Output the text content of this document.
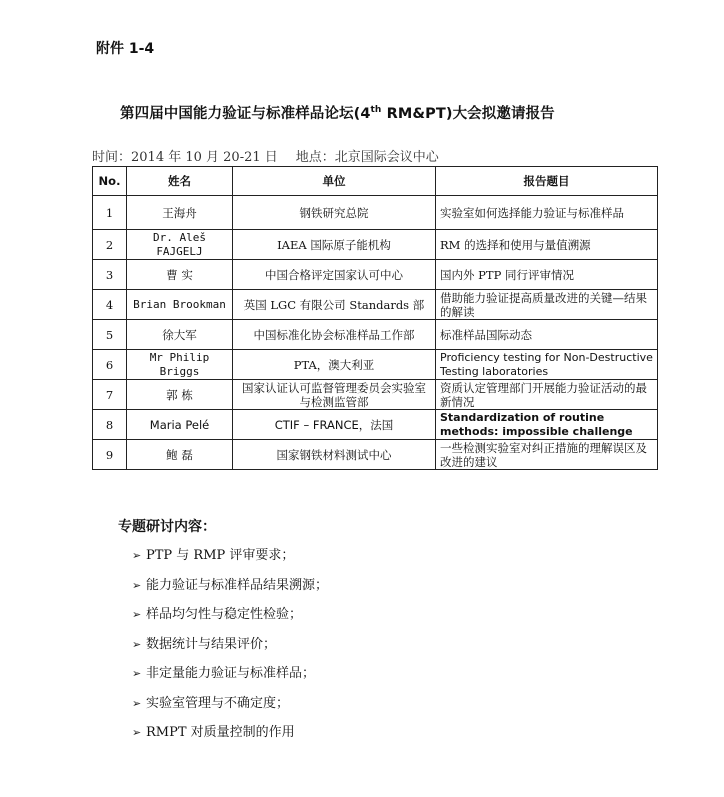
附件 1-4
第四届中国能力验证与标准样品论坛(4th RM&PT)大会拟邀请报告
时间：2014 年 10 月 20-21 日 地点：北京国际会议中心
No.	姓名	单位	报告题目
1	王海舟	钢铁研究总院	实验室如何选择能力验证与标准样品
2	Dr. Aleš FAJGELJ	IAEA 国际原子能机构	RM 的选择和使用与量值溯源
3	曹 实	中国合格评定国家认可中心	国内外 PTP 同行评审情况
4	Brian Brookman	英国 LGC 有限公司 Standards 部	借助能力验证提高质量改进的关键—结果的解读
5	徐大军	中国标准化协会标准样品工作部	标准样品国际动态
6	Mr Philip Briggs	PTA，澳大利亚	Proficiency testing for Non-Destructive Testing laboratories
7	郭 栋	国家认证认可监督管理委员会实验室与检测监管部	资质认定管理部门开展能力验证活动的最新情况
8	Maria Pelé	CTIF – FRANCE，法国	Standardization of routine methods: impossible challenge
9	鲍 磊	国家钢铁材料测试中心	一些检测实验室对纠正措施的理解误区及改进的建议
专题研讨内容：
➢ PTP 与 RMP 评审要求；
➢ 能力验证与标准样品结果溯源；
➢ 样品均匀性与稳定性检验；
➢ 数据统计与结果评价；
➢ 非定量能力验证与标准样品；
➢ 实验室管理与不确定度；
➢ RMPT 对质量控制的作用
